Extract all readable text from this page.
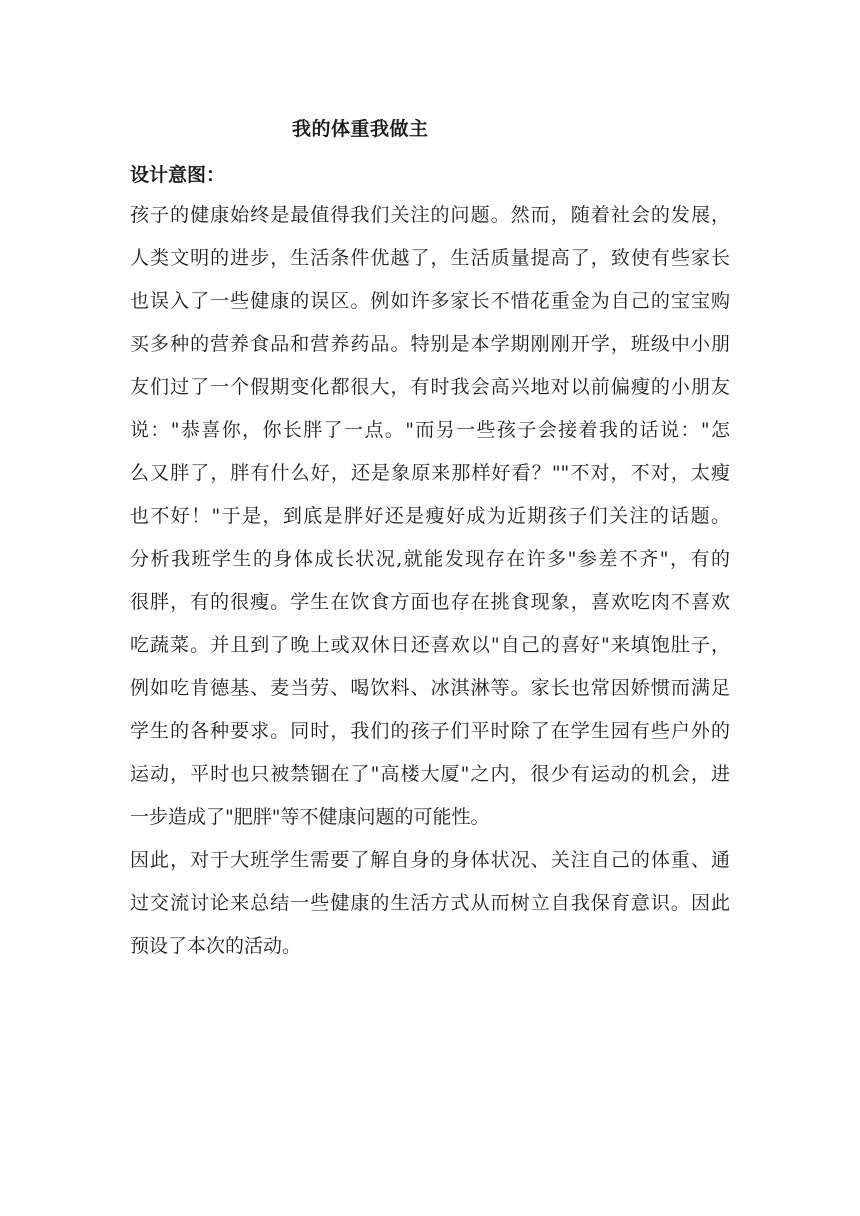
我的体重我做主
设计意图：
孩子的健康始终是最值得我们关注的问题。然而，随着社会的发展，
人类文明的进步，生活条件优越了，生活质量提高了，致使有些家长
也误入了一些健康的误区。例如许多家长不惜花重金为自己的宝宝购
买多种的营养食品和营养药品。特别是本学期刚刚开学，班级中小朋
友们过了一个假期变化都很大，有时我会高兴地对以前偏瘦的小朋友
说："恭喜你，你长胖了一点。"而另一些孩子会接着我的话说："怎
么又胖了，胖有什么好，还是象原来那样好看？""不对，不对，太瘦
也不好！"于是，到底是胖好还是瘦好成为近期孩子们关注的话题。
分析我班学生的身体成长状况,就能发现存在许多"参差不齐"，有的
很胖，有的很瘦。学生在饮食方面也存在挑食现象，喜欢吃肉不喜欢
吃蔬菜。并且到了晚上或双休日还喜欢以"自己的喜好"来填饱肚子，
例如吃肯德基、麦当劳、喝饮料、冰淇淋等。家长也常因娇惯而满足
学生的各种要求。同时，我们的孩子们平时除了在学生园有些户外的
运动，平时也只被禁锢在了"高楼大厦"之内，很少有运动的机会，进
一步造成了"肥胖"等不健康问题的可能性。
因此，对于大班学生需要了解自身的身体状况、关注自己的体重、通
过交流讨论来总结一些健康的生活方式从而树立自我保育意识。因此
预设了本次的活动。
